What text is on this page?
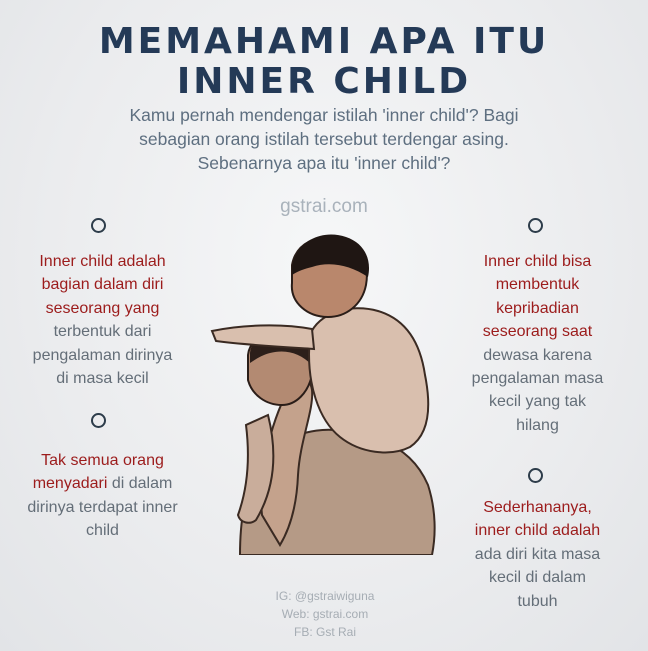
MEMAHAMI APA ITU
INNER CHILD
Kamu pernah mendengar istilah 'inner child'? Bagi
sebagian orang istilah tersebut terdengar asing.
Sebenarnya apa itu 'inner child'?
gstrai.com
Inner child adalah
bagian dalam diri
seseorang yang
terbentuk dari
pengalaman dirinya
di masa kecil
Tak semua orang
menyadari di dalam
dirinya terdapat inner
child
Inner child bisa
membentuk
kepribadian
seseorang saat
dewasa karena
pengalaman masa
kecil yang tak
hilang
Sederhananya,
inner child adalah
ada diri kita masa
kecil di dalam
tubuh
IG: @gstraiwiguna
Web: gstrai.com
FB: Gst Rai
